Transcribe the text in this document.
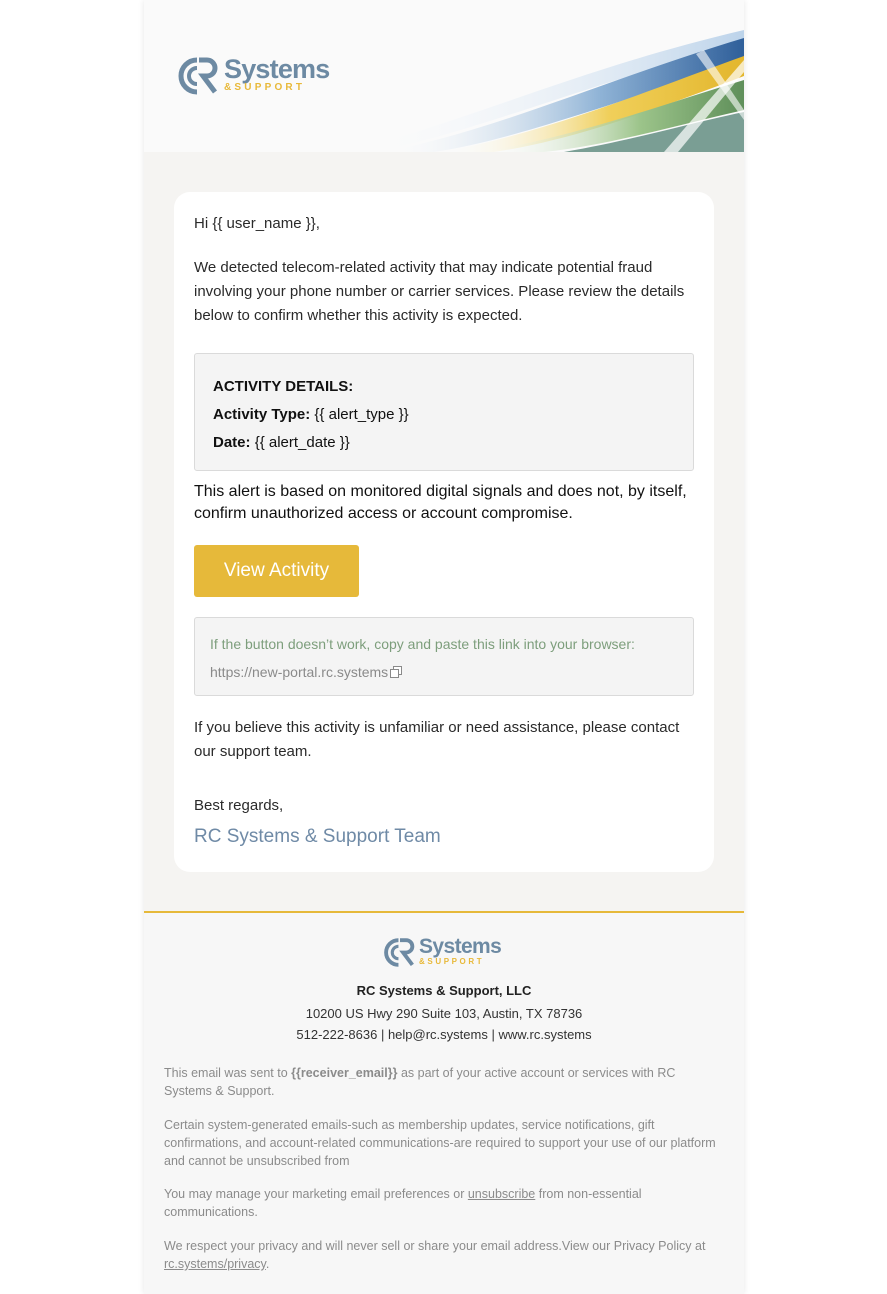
Systems
&SUPPORT
Hi {{ user_name }},
We detected telecom-related activity that may indicate potential fraud involving your phone number or carrier services. Please review the details below to confirm whether this activity is expected.
ACTIVITY DETAILS:
Activity Type: {{ alert_type }}
Date: {{ alert_date }}
This alert is based on monitored digital signals and does not, by itself, confirm unauthorized access or account compromise.
View Activity
If the button doesn’t work, copy and paste this link into your browser:
https://new-portal.rc.systems
If you believe this activity is unfamiliar or need assistance, please contact our support team.
Best regards,
RC Systems & Support Team
Systems
&SUPPORT
RC Systems & Support, LLC
10200 US Hwy 290 Suite 103, Austin, TX 78736
512-222-8636 | help@rc.systems | www.rc.systems
This email was sent to {{receiver_email}} as part of your active account or services with RC Systems & Support.
Certain system-generated emails-such as membership updates, service notifications, gift confirmations, and account-related communications-are required to support your use of our platform and cannot be unsubscribed from
You may manage your marketing email preferences or unsubscribe from non-essential communications.
We respect your privacy and will never sell or share your email address.View our Privacy Policy at rc.systems/privacy.
